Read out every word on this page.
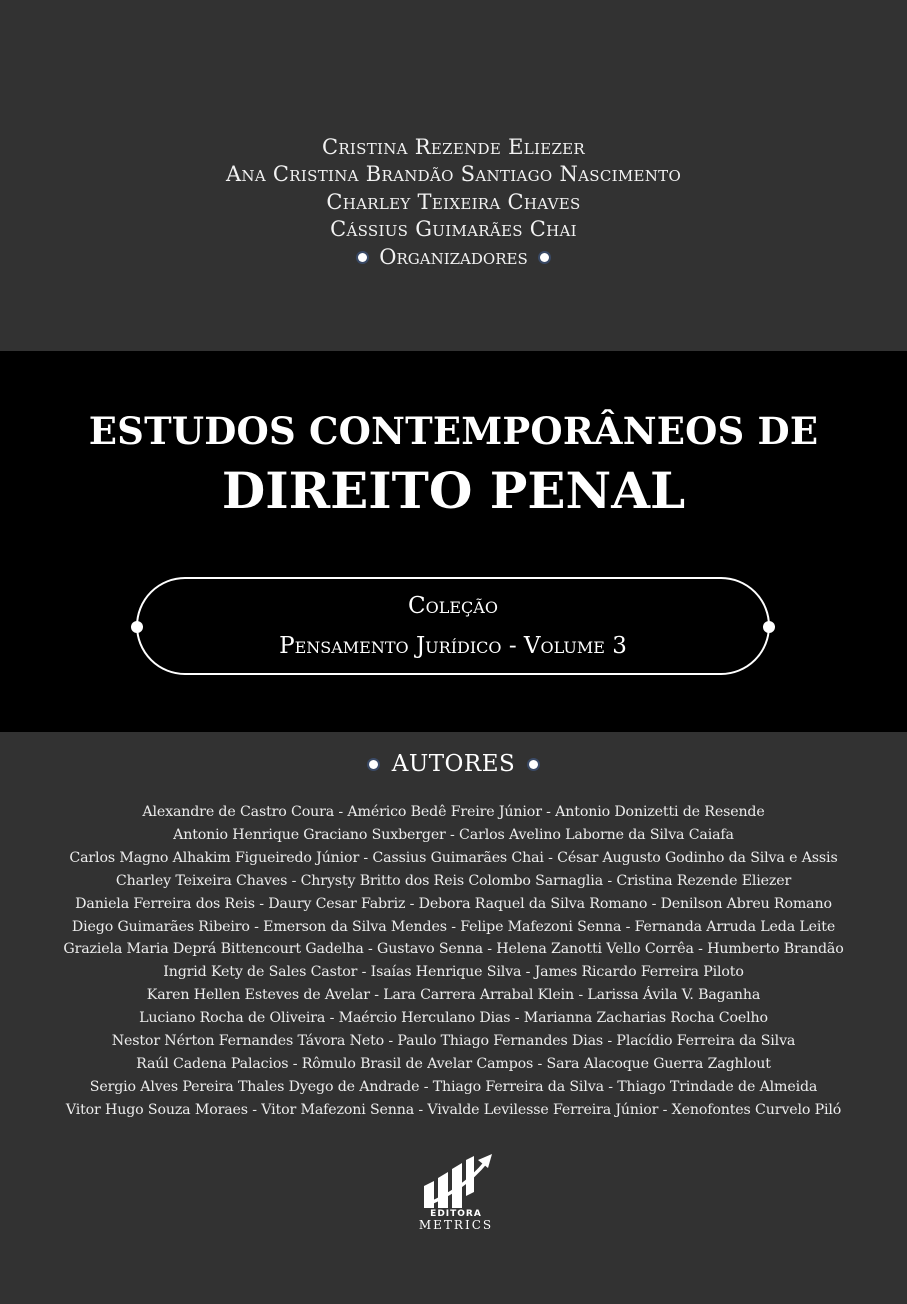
Cristina Rezende Eliezer
Ana Cristina Brandão Santiago Nascimento
Charley Teixeira Chaves
Cássius Guimarães Chai
Organizadores
ESTUDOS CONTEMPORÂNEOS DE
DIREITO PENAL
Coleção
Pensamento Jurídico - Volume 3
AUTORES
Alexandre de Castro Coura - Américo Bedê Freire Júnior - Antonio Donizetti de Resende
Antonio Henrique Graciano Suxberger - Carlos Avelino Laborne da Silva Caiafa
Carlos Magno Alhakim Figueiredo Júnior - Cassius Guimarães Chai - César Augusto Godinho da Silva e Assis
Charley Teixeira Chaves - Chrysty Britto dos Reis Colombo Sarnaglia - Cristina Rezende Eliezer
Daniela Ferreira dos Reis - Daury Cesar Fabriz - Debora Raquel da Silva Romano - Denilson Abreu Romano
Diego Guimarães Ribeiro - Emerson da Silva Mendes - Felipe Mafezoni Senna - Fernanda Arruda Leda Leite
Graziela Maria Deprá Bittencourt Gadelha - Gustavo Senna - Helena Zanotti Vello Corrêa - Humberto Brandão
Ingrid Kety de Sales Castor - Isaías Henrique Silva - James Ricardo Ferreira Piloto
Karen Hellen Esteves de Avelar - Lara Carrera Arrabal Klein - Larissa Ávila V. Baganha
Luciano Rocha de Oliveira - Maércio Herculano Dias - Marianna Zacharias Rocha Coelho
Nestor Nérton Fernandes Távora Neto - Paulo Thiago Fernandes Dias - Placídio Ferreira da Silva
Raúl Cadena Palacios - Rômulo Brasil de Avelar Campos - Sara Alacoque Guerra Zaghlout
Sergio Alves Pereira Thales Dyego de Andrade - Thiago Ferreira da Silva - Thiago Trindade de Almeida
Vitor Hugo Souza Moraes - Vitor Mafezoni Senna - Vivalde Levilesse Ferreira Júnior - Xenofontes Curvelo Piló
EDITORA
METRICS
